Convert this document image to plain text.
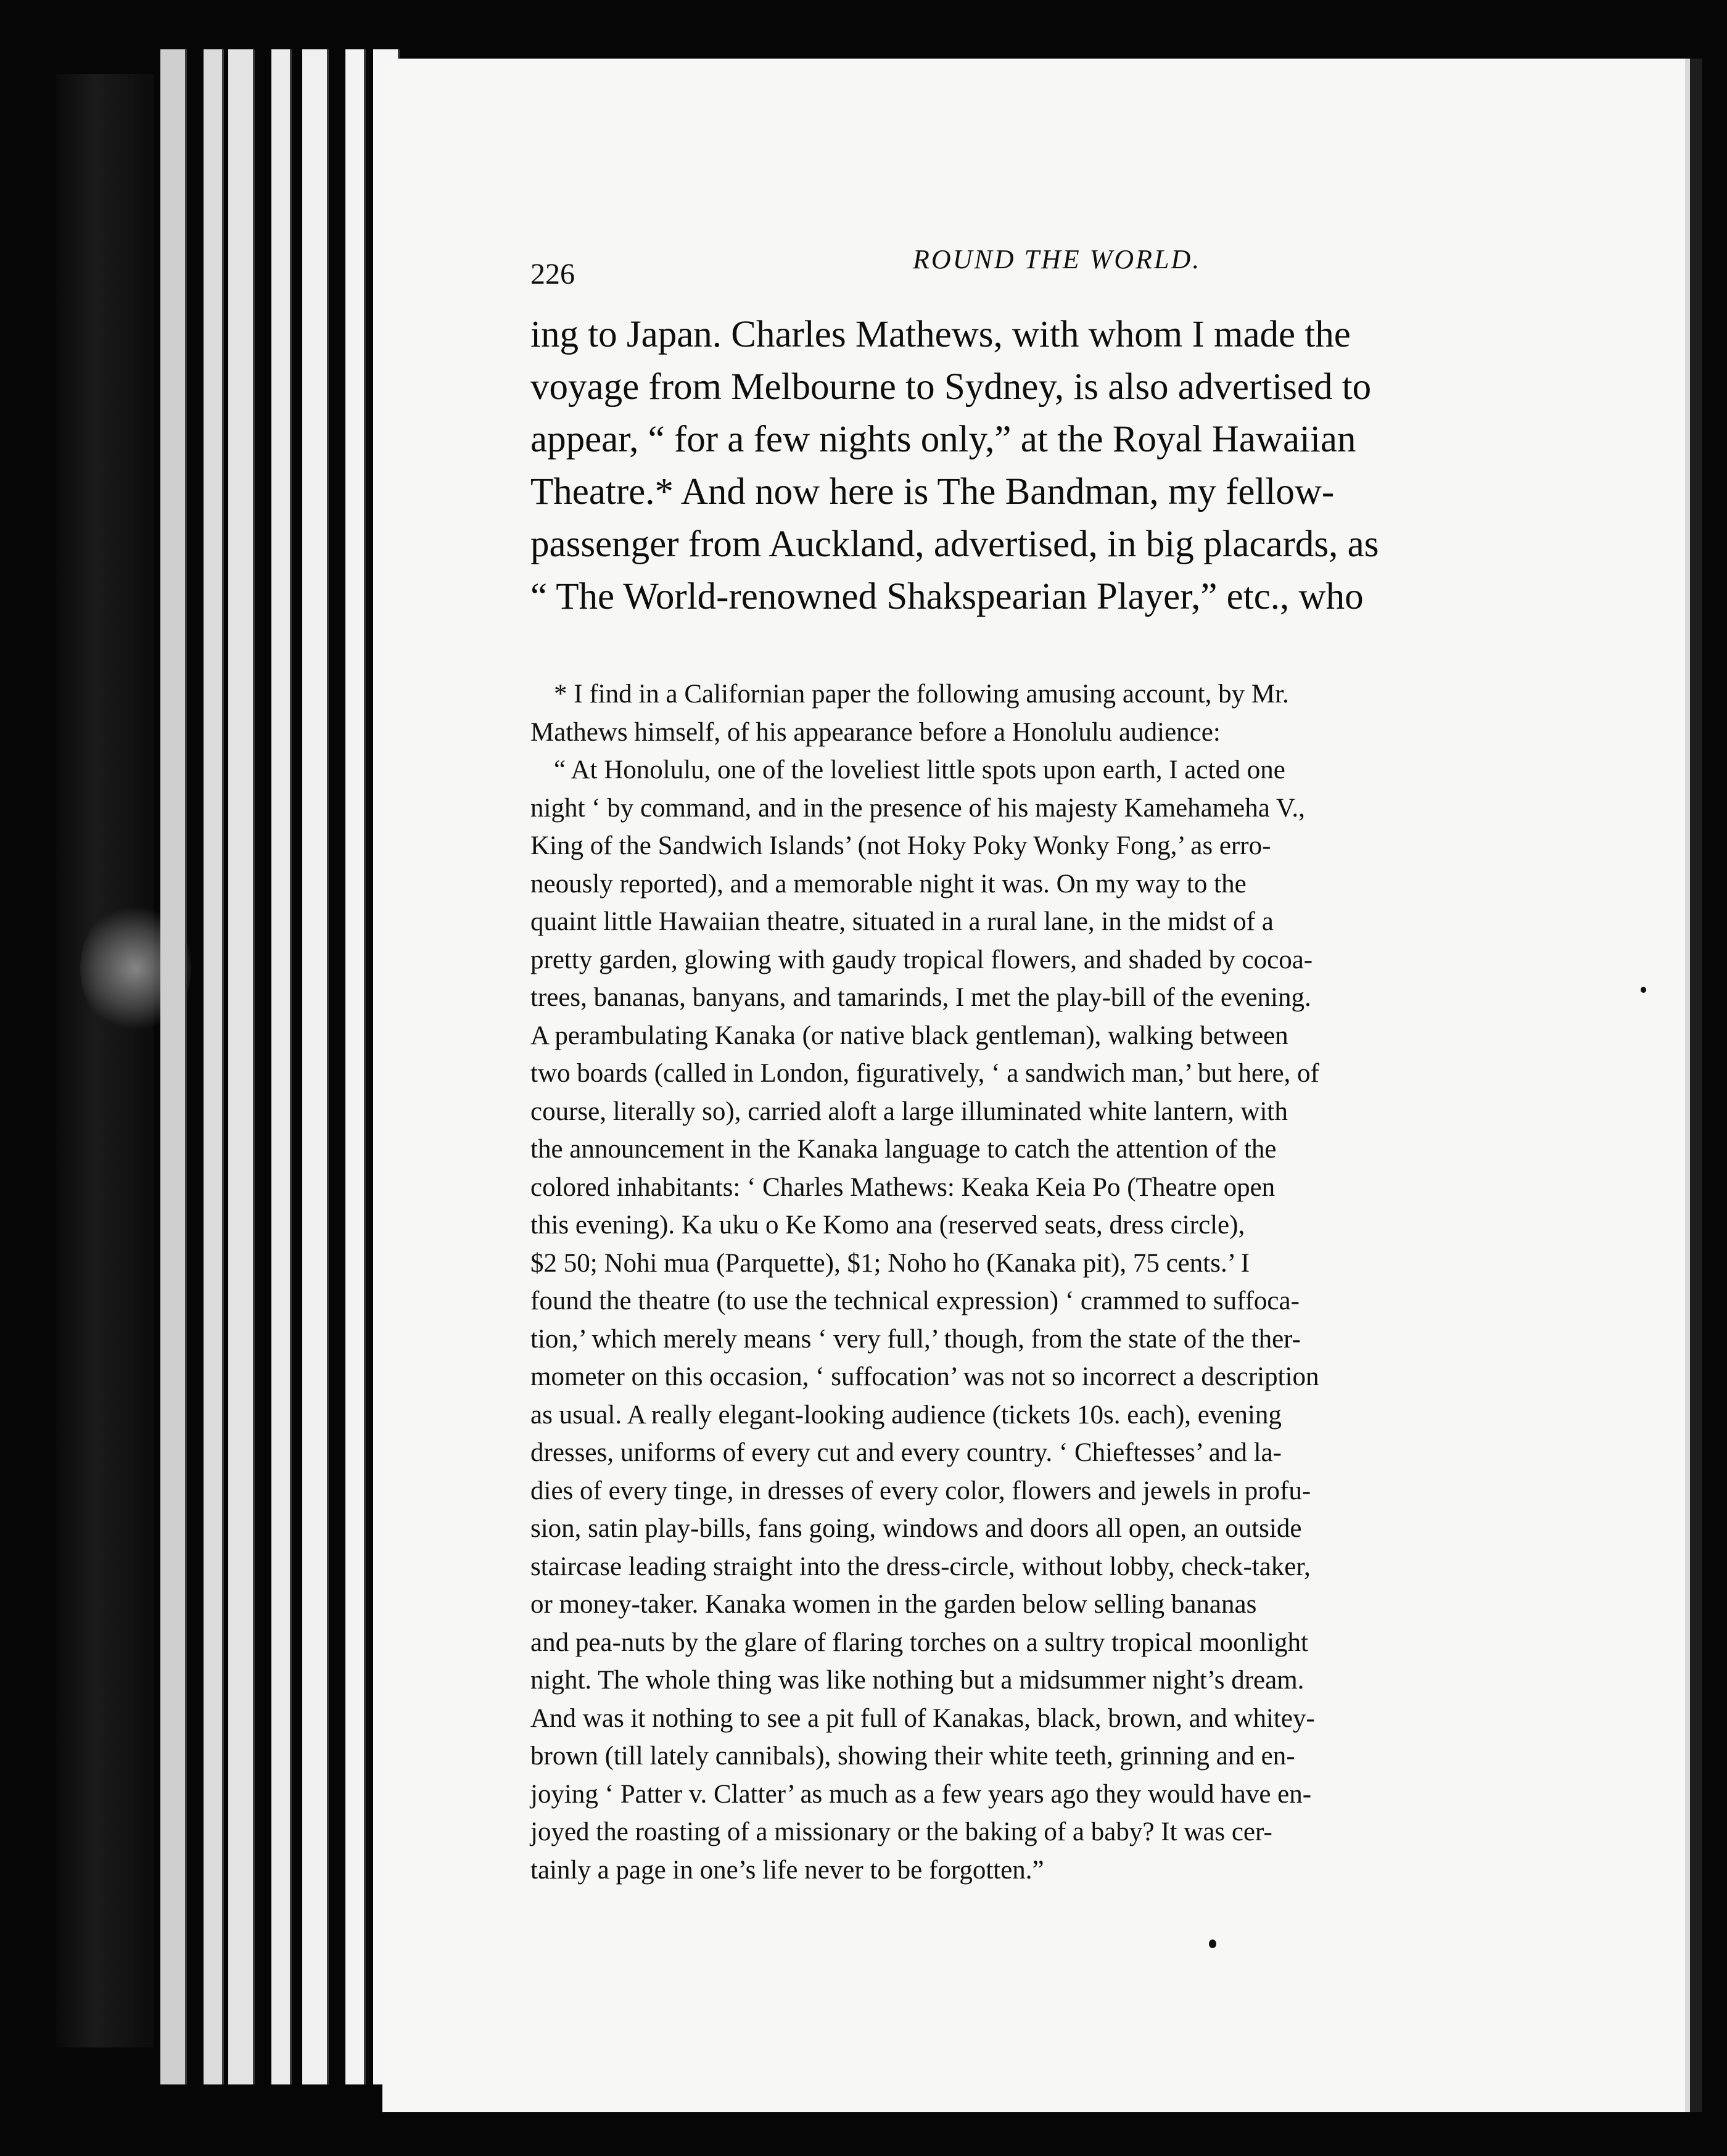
226	ROUND THE WORLD.
ing to Japan. Charles Mathews, with whom I made the
voyage from Melbourne to Sydney, is also advertised to
appear, “ for a few nights only,” at the Royal Hawaiian
Theatre.* And now here is The Bandman, my fellow-
passenger from Auckland, advertised, in big placards, as
“ The World-renowned Shakspearian Player,” etc., who
* I find in a Californian paper the following amusing account, by Mr.
Mathews himself, of his appearance before a Honolulu audience:
“ At Honolulu, one of the loveliest little spots upon earth, I acted one
night ‘ by command, and in the presence of his majesty Kamehameha V.,
King of the Sandwich Islands’ (not Hoky Poky Wonky Fong,’ as erro-
neously reported), and a memorable night it was. On my way to the
quaint little Hawaiian theatre, situated in a rural lane, in the midst of a
pretty garden, glowing with gaudy tropical flowers, and shaded by cocoa-
trees, bananas, banyans, and tamarinds, I met the play-bill of the evening.
A perambulating Kanaka (or native black gentleman), walking between
two boards (called in London, figuratively, ‘ a sandwich man,’ but here, of
course, literally so), carried aloft a large illuminated white lantern, with
the announcement in the Kanaka language to catch the attention of the
colored inhabitants: ‘ Charles Mathews: Keaka Keia Po (Theatre open
this evening). Ka uku o Ke Komo ana (reserved seats, dress circle),
$2 50; Nohi mua (Parquette), $1; Noho ho (Kanaka pit), 75 cents.’ I
found the theatre (to use the technical expression) ‘ crammed to suffoca-
tion,’ which merely means ‘ very full,’ though, from the state of the ther-
mometer on this occasion, ‘ suffocation’ was not so incorrect a description
as usual. A really elegant-looking audience (tickets 10s. each), evening
dresses, uniforms of every cut and every country. ‘ Chieftesses’ and la-
dies of every tinge, in dresses of every color, flowers and jewels in profu-
sion, satin play-bills, fans going, windows and doors all open, an outside
staircase leading straight into the dress-circle, without lobby, check-taker,
or money-taker. Kanaka women in the garden below selling bananas
and pea-nuts by the glare of flaring torches on a sultry tropical moonlight
night. The whole thing was like nothing but a midsummer night’s dream.
And was it nothing to see a pit full of Kanakas, black, brown, and whitey-
brown (till lately cannibals), showing their white teeth, grinning and en-
joying ‘ Patter v. Clatter’ as much as a few years ago they would have en-
joyed the roasting of a missionary or the baking of a baby? It was cer-
tainly a page in one’s life never to be forgotten.”
